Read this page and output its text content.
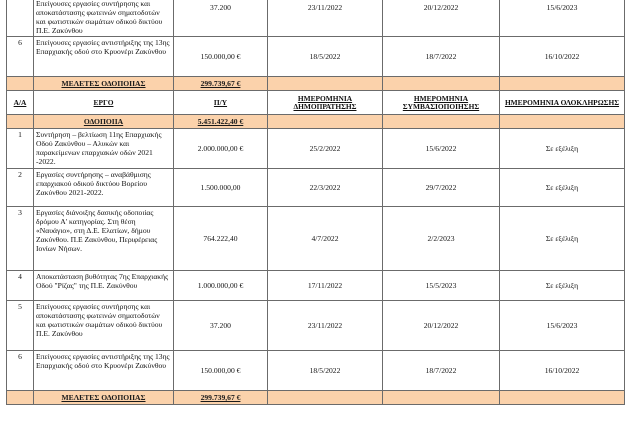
	Επείγουσες εργασίες συντήρησης και αποκατάστασης φωτεινών σηματοδοτών και φωτιστικών σωμάτων οδικού δικτύου Π.Ε. Ζακύνθου	37.200	23/11/2022	20/12/2022	15/6/2023
6	Επείγουσες εργασίες αντιστήριξης της 13ης Επαρχιακής οδού στο Κρυονέρι Ζακύνθου	150.000,00 €	18/5/2022	18/7/2022	16/10/2022
	ΜΕΛΕΤΕΣ ΟΔΟΠΟΙΙΑΣ	299.739,67 €			
Α/Α	ΕΡΓΟ	Π/Υ	ΗΜΕΡΟΜΗΝΙΑ ΔΗΜΟΠΡΑΤΗΣΗΣ	ΗΜΕΡΟΜΗΝΙΑ ΣΥΜΒΑΣΙΟΠΟΙΗΣΗΣ	ΗΜΕΡΟΜΗΝΙΑ ΟΛΟΚΛΗΡΩΣΗΣ
	ΟΔΟΠΟΙΙΑ	5.451.422,40 €			
1	Συντήρηση – βελτίωση 11ης Επαρχιακής Οδού Ζακύνθου – Αλυκών και παρακείμενων επαρχιακών οδών 2021 -2022.	2.000.000,00 €	25/2/2022	15/6/2022	Σε εξέλιξη
2	Εργασίες συντήρησης – αναβάθμισης επαρχιακού οδικού δικτύου Βορείου Ζακύνθου 2021-2022.	1.500.000,00	22/3/2022	29/7/2022	Σε εξέλιξη
3	Εργασίες διάνοιξης δασικής οδοποιίας δρόμου Α' κατηγορίας. Στη θέση «Ναυάγιο», στη Δ.Ε. Ελατίων, δήμου Ζακύνθου. Π.Ε Ζακύνθου, Περιφέρειας Ιονίων Νήσων.	764.222,40	4/7/2022	2/2/2023	Σε εξέλιξη
4	Αποκατάσταση βυθότητας 7ης Επαρχιακής Οδού "Ρίζας" της Π.Ε. Ζακύνθου	1.000.000,00 €	17/11/2022	15/5/2023	Σε εξέλιξη
5	Επείγουσες εργασίες συντήρησης και αποκατάστασης φωτεινών σηματοδοτών και φωτιστικών σωμάτων οδικού δικτύου Π.Ε. Ζακύνθου	37.200	23/11/2022	20/12/2022	15/6/2023
6	Επείγουσες εργασίες αντιστήριξης της 13ης Επαρχιακής οδού στο Κρυονέρι Ζακύνθου	150.000,00 €	18/5/2022	18/7/2022	16/10/2022
	ΜΕΛΕΤΕΣ ΟΔΟΠΟΙΙΑΣ	299.739,67 €			
